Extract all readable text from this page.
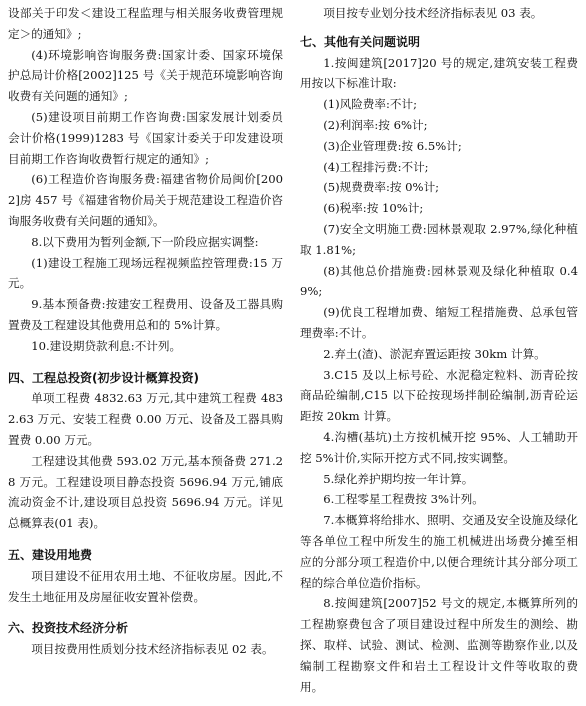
设部关于印发＜建设工程监理与相关服务收费管理规定＞的通知》;

(4)环境影响咨询服务费:国家计委、国家环境保护总局计价格[2002]125 号《关于规范环境影响咨询收费有关问题的通知》;

(5)建设项目前期工作咨询费:国家发展计划委员会计价格(1999)1283 号《国家计委关于印发建设项目前期工作咨询收费暂行规定的通知》;

(6)工程造价咨询服务费:福建省物价局闽价[2002]房 457 号《福建省物价局关于规范建设工程造价咨询服务收费有关问题的通知》。

8.以下费用为暂列金额,下一阶段应据实调整:

(1)建设工程施工现场远程视频监控管理费:15 万元。

9.基本预备费:按建安工程费用、设备及工器具购置费及工程建设其他费用总和的 5%计算。

10.建设期贷款利息:不计列。

四、工程总投资(初步设计概算投资)

单项工程费 4832.63 万元,其中建筑工程费 4832.63 万元、安装工程费 0.00 万元、设备及工器具购置费 0.00 万元。

工程建设其他费 593.02 万元,基本预备费 271.28 万元。工程建设项目静态投资 5696.94 万元,铺底流动资金不计,建设项目总投资 5696.94 万元。详见总概算表(01 表)。

五、建设用地费

项目建设不征用农用土地、不征收房屋。因此,不发生土地征用及房屋征收安置补偿费。

六、投资技术经济分析

项目按费用性质划分技术经济指标表见 02 表。

项目按专业划分技术经济指标表见 03 表。

七、其他有关问题说明

1.按闽建筑[2017]20 号的规定,建筑安装工程费用按以下标准计取:

(1)风险费率:不计;

(2)利润率:按 6%计;

(3)企业管理费:按 6.5%计;

(4)工程排污费:不计;

(5)规费费率:按 0%计;

(6)税率:按 10%计;

(7)安全文明施工费:园林景观取 2.97%,绿化种植取 1.81%;

(8)其他总价措施费:园林景观及绿化种植取 0.49%;

(9)优良工程增加费、缩短工程措施费、总承包管理费率:不计。

2.弃土(渣)、淤泥弃置运距按 30km 计算。

3.C15 及以上标号砼、水泥稳定粒料、沥青砼按商品砼编制,C15 以下砼按现场拌制砼编制,沥青砼运距按 20km 计算。

4.沟槽(基坑)土方按机械开挖 95%、人工辅助开挖 5%计价,实际开挖方式不同,按实调整。

5.绿化养护期均按一年计算。

6.工程零星工程费按 3%计列。

7.本概算将给排水、照明、交通及安全设施及绿化等各单位工程中所发生的施工机械进出场费分摊至相应的分部分项工程造价中,以便合理统计其分部分项工程的综合单位造价指标。

8.按闽建筑[2007]52 号文的规定,本概算所列的工程勘察费包含了项目建设过程中所发生的测绘、勘探、取样、试验、测试、检测、监测等勘察作业,以及编制工程勘察文件和岩土工程设计文件等收取的费用。
